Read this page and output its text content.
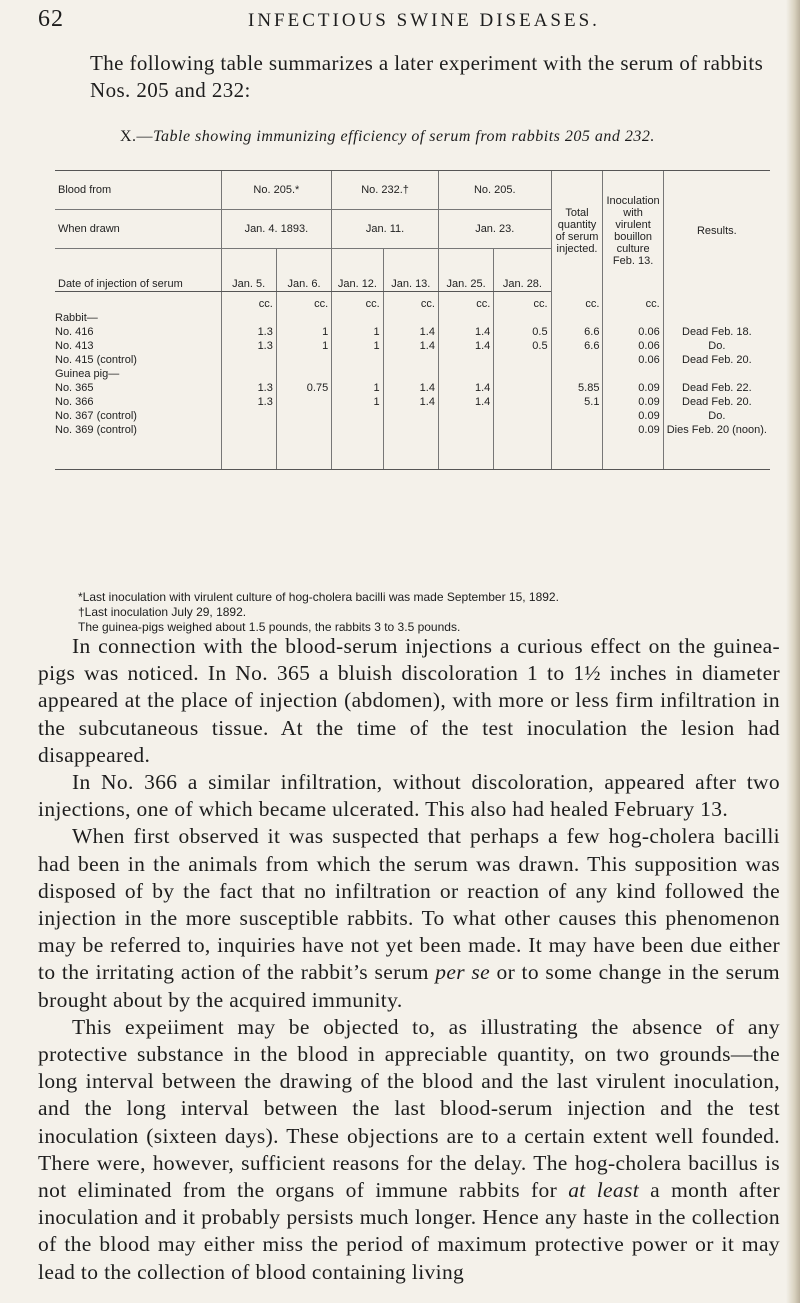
62	INFECTIOUS SWINE DISEASES.
The following table summarizes a later experiment with the serum of rabbits Nos. 205 and 232:
X.—Table showing immunizing efficiency of serum from rabbits 205 and 232.
Blood from	No. 205.*		No. 232.†		No. 205.		Total quantity of serum injected.	Inoculation with virulent bouillon culture Feb. 13.	Results.
When drawn	Jan. 4. 1893.		Jan. 11.		Jan. 23.				
Date of injection of serum	Jan. 5.	Jan. 6.	Jan. 12.	Jan. 13.	Jan. 25.	Jan. 28.			
	cc.	cc.	cc.	cc.	cc.	cc.	cc.	cc.	
Rabbit—									
No. 416	1.3	1	1	1.4	1.4	0.5	6.6	0.06	Dead Feb. 18.
No. 413	1.3	1	1	1.4	1.4	0.5	6.6	0.06	Do.
No. 415 (control)								0.06	Dead Feb. 20.
Guinea pig—									
No. 365	1.3	0.75	1	1.4	1.4		5.85	0.09	Dead Feb. 22.
No. 366	1.3		1	1.4	1.4		5.1	0.09	Dead Feb. 20.
No. 367 (control)								0.09	Do.
No. 369 (control)								0.09	Dies Feb. 20 (noon).
*Last inoculation with virulent culture of hog-cholera bacilli was made September 15, 1892.
†Last inoculation July 29, 1892.
The guinea-pigs weighed about 1.5 pounds, the rabbits 3 to 3.5 pounds.

In connection with the blood-serum injections a curious effect on the guinea-pigs was noticed. In No. 365 a bluish discoloration 1 to 1½ inches in diameter appeared at the place of injection (abdomen), with more or less firm infiltration in the subcutaneous tissue. At the time of the test inoculation the lesion had disappeared.

In No. 366 a similar infiltration, without discoloration, appeared after two injections, one of which became ulcerated. This also had healed February 13.

When first observed it was suspected that perhaps a few hog-cholera bacilli had been in the animals from which the serum was drawn. This supposition was disposed of by the fact that no infiltration or reaction of any kind followed the injection in the more susceptible rabbits. To what other causes this phenomenon may be referred to, inquiries have not yet been made. It may have been due either to the irritating action of the rabbit’s serum per se or to some change in the serum brought about by the acquired immunity.

This expeiiment may be objected to, as illustrating the absence of any protective substance in the blood in appreciable quantity, on two grounds—the long interval between the drawing of the blood and the last virulent inoculation, and the long interval between the last blood-serum injection and the test inoculation (sixteen days). These objections are to a certain extent well founded. There were, however, sufficient reasons for the delay. The hog-cholera bacillus is not eliminated from the organs of immune rabbits for at least a month after inoculation and it probably persists much longer. Hence any haste in the collection of the blood may either miss the period of maximum protective power or it may lead to the collection of blood containing living
